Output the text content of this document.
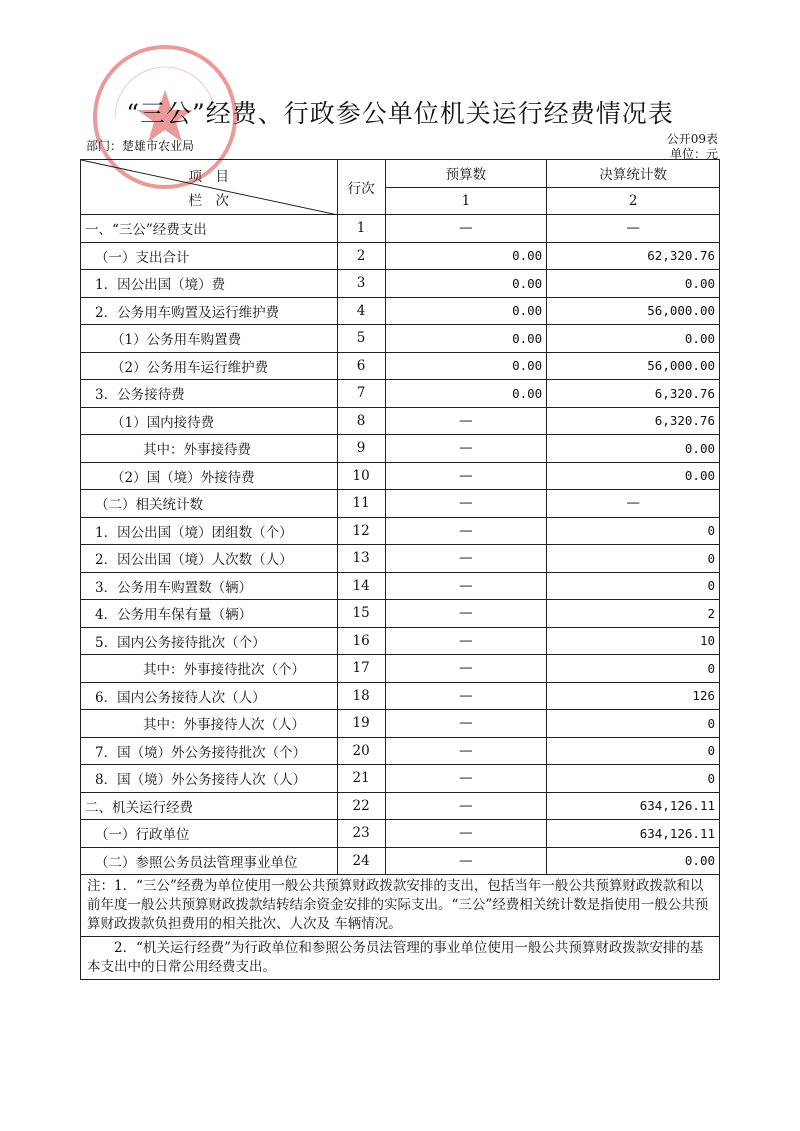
“三公”经费、行政参公单位机关运行经费情况表
公开09表
单位：元
部门：楚雄市农业局
项　目
栏　次	行次	预算数	决算统计数
		1	2
一、“三公”经费支出	1	—	—
（一）支出合计	2	0.00	62,320.76
1．因公出国（境）费	3	0.00	0.00
2．公务用车购置及运行维护费	4	0.00	56,000.00
（1）公务用车购置费	5	0.00	0.00
（2）公务用车运行维护费	6	0.00	56,000.00
3．公务接待费	7	0.00	6,320.76
（1）国内接待费	8	—	6,320.76
其中：外事接待费	9	—	0.00
（2）国（境）外接待费	10	—	0.00
（二）相关统计数	11	—	—
1．因公出国（境）团组数（个）	12	—	0
2．因公出国（境）人次数（人）	13	—	0
3．公务用车购置数（辆）	14	—	0
4．公务用车保有量（辆）	15	—	2
5．国内公务接待批次（个）	16	—	10
其中：外事接待批次（个）	17	—	0
6．国内公务接待人次（人）	18	—	126
其中：外事接待人次（人）	19	—	0
7．国（境）外公务接待批次（个）	20	—	0
8．国（境）外公务接待人次（人）	21	—	0
二、机关运行经费	22	—	634,126.11
（一）行政单位	23	—	634,126.11
（二）参照公务员法管理事业单位	24	—	0.00

注：1．“三公”经费为单位使用一般公共预算财政拨款安排的支出，包括当年一般公共预算财政拨款和以前年度一般公共预算财政拨款结转结余资金安排的实际支出。“三公”经费相关统计数是指使用一般公共预算财政拨款负担费用的相关批次、人次及 车辆情况。			

2．“机关运行经费”为行政单位和参照公务员法管理的事业单位使用一般公共预算财政拨款安排的基本支出中的日常公用经费支出。			
